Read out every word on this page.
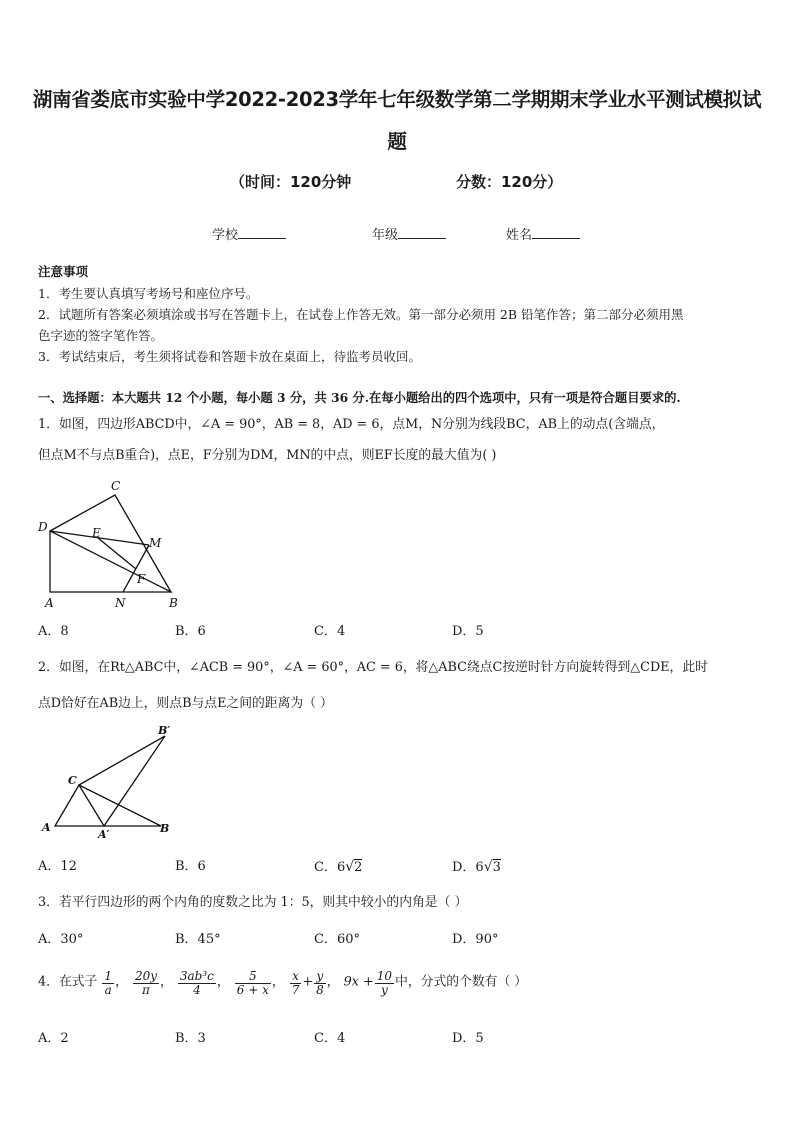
湖南省娄底市实验中学2022-2023学年七年级数学第二学期期末学业水平测试模拟试
题
（时间：120分钟	分数：120分）
学校	年级	姓名
注意事项
1．考生要认真填写考场号和座位序号。
2．试题所有答案必须填涂或书写在答题卡上，在试卷上作答无效。第一部分必须用 2B 铅笔作答；第二部分必须用黑
色字迹的签字笔作答。
3．考试结束后，考生须将试卷和答题卡放在桌面上，待监考员收回。
一、选择题：本大题共 12 个小题，每小题 3 分，共 36 分.在每小题给出的四个选项中，只有一项是符合题目要求的.
1．如图，四边形ABCD中，∠A = 90°，AB = 8，AD = 6，点M，N分别为线段BC，AB上的动点(含端点，
但点M不与点B重合)，点E，F分别为DM，MN的中点，则EF长度的最大值为( )
C
D	E
M
F
A	N	B
A．8	B．6	C．4	D．5
2．如图，在Rt△ABC中，∠ACB = 90°，∠A = 60°，AC = 6，将△ABC绕点C按逆时针方向旋转得到△CDE，此时
点D恰好在AB边上，则点B与点E之间的距离为（ ）
B′
C
A
A′	B
A．12	B．6	C．6√2	D．6√3
3．若平行四边形的两个内角的度数之比为 1：5，则其中较小的内角是（ ）
A．30°	B．45°	C．60°	D．90°
4．在式子 $\frac{1}{a}$ ， $\frac{20y}{\pi}$ ， $\frac{\text{3ab³c}}{4}$ ， $\frac{5}{6 + x}$ ， $\frac{x}{7} + \frac{y}{8}$ ， $9x + \frac{10}{y}$ 中，分式的个数有（ ）
A．2	B．3	C．4	D．5
